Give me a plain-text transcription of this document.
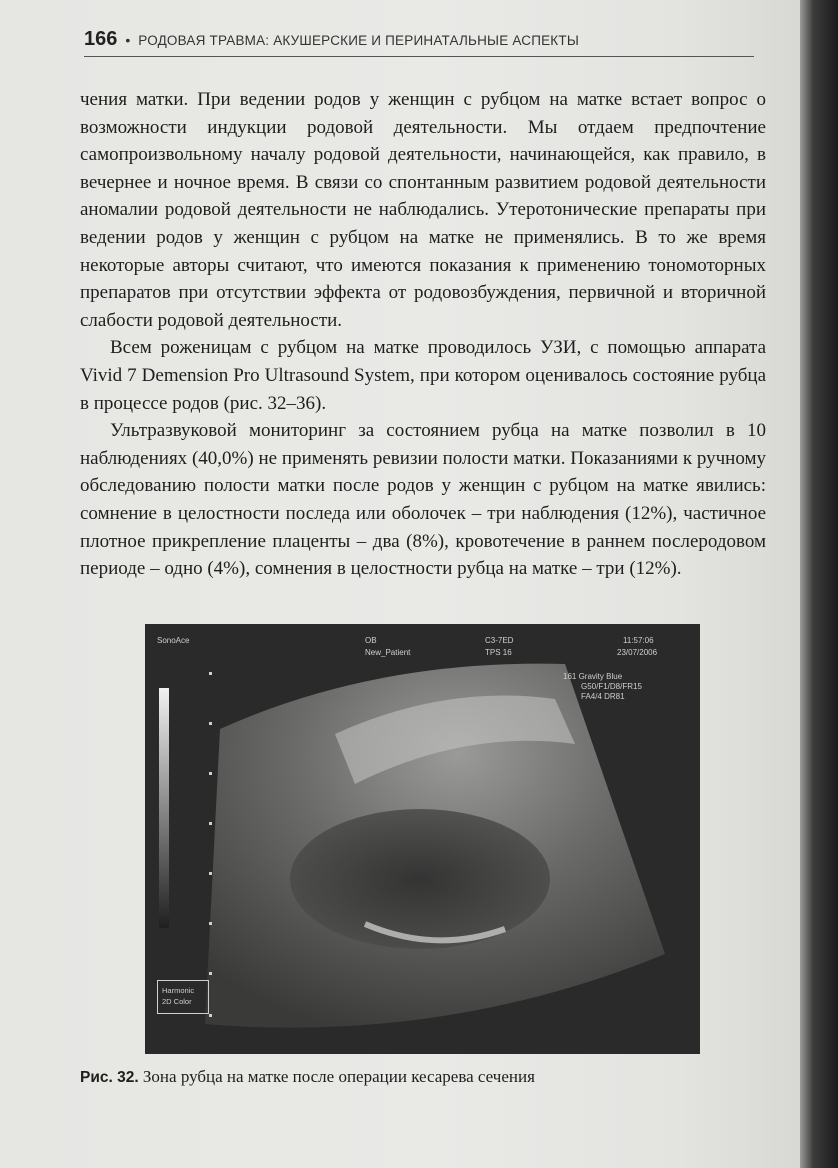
166 • РОДОВАЯ ТРАВМА: АКУШЕРСКИЕ И ПЕРИНАТАЛЬНЫЕ АСПЕКТЫ

чения матки. При ведении родов у женщин с рубцом на матке встает вопрос о возможности индукции родовой деятельности. Мы отдаем предпочтение самопроизвольному началу родовой деятельности, начинающейся, как правило, в вечернее и ночное время. В связи со спонтанным развитием родовой деятельности аномалии родовой деятельности не наблюдались. Утеротонические препараты при ведении родов у женщин с рубцом на матке не применялись. В то же время некоторые авторы считают, что имеются показания к применению тономоторных препаратов при отсутствии эффекта от родовозбуждения, первичной и вторичной слабости родовой деятельности.

Всем роженицам с рубцом на матке проводилось УЗИ, с помощью аппарата Vivid 7 Demension Pro Ultrasound System, при котором оценивалось состояние рубца в процессе родов (рис. 32–36).

Ультразвуковой мониторинг за состоянием рубца на матке позволил в 10 наблюдениях (40,0%) не применять ревизии полости матки. Показаниями к ручному обследованию полости матки после родов у женщин с рубцом на матке явились: сомнение в целостности последа или оболочек – три наблюдения (12%), частичное плотное прикрепление плаценты – два (8%), кровотечение в раннем послеродовом периоде – одно (4%), сомнения в целостности рубца на матке – три (12%).

SonoAce	OB
New_Patient
C3-7ED
TPS 16
11:57:06
23/07/2006
161 Gravity Blue
G50/F1/D8/FR15
FA4/4 DR81
Harmonic
2D Color
Рис. 32. Зона рубца на матке после операции кесарева сечения
